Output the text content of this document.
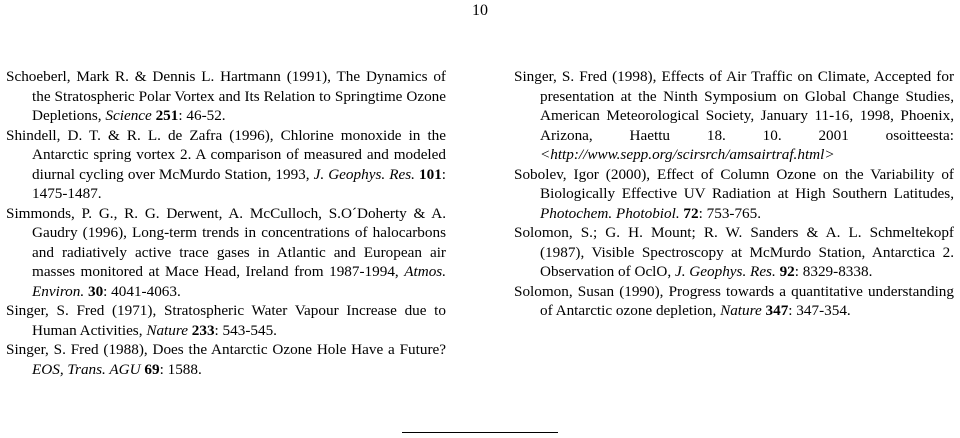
10

Schoeberl, Mark R. & Dennis L. Hartmann (1991), The Dynamics of the Stratospheric Polar Vortex and Its Relation to Springtime Ozone Depletions, Science 251: 46-52.

Shindell, D. T. & R. L. de Zafra (1996), Chlorine monoxide in the Antarctic spring vortex 2. A comparison of measured and modeled diurnal cycling over McMurdo Station, 1993, J. Geophys. Res. 101: 1475-1487.

Simmonds, P. G., R. G. Derwent, A. McCulloch, S.O´Doherty & A. Gaudry (1996), Long-term trends in concentrations of halocarbons and radiatively active trace gases in Atlantic and European air masses monitored at Mace Head, Ireland from 1987-1994, Atmos. Environ. 30: 4041-4063.

Singer, S. Fred (1971), Stratospheric Water Vapour Increase due to Human Activities, Nature 233: 543-545.

Singer, S. Fred (1988), Does the Antarctic Ozone Hole Have a Future? EOS, Trans. AGU 69: 1588.

Singer, S. Fred (1998), Effects of Air Traffic on Climate, Accepted for presentation at the Ninth Symposium on Global Change Studies, American Meteorological Society, January 11-16, 1998, Phoenix, Arizona, Haettu 18. 10. 2001 osoitteesta: <http://www.sepp.org/scirsrch/amsairtraf.html>

Sobolev, Igor (2000), Effect of Column Ozone on the Variability of Biologically Effective UV Radiation at High Southern Latitudes, Photochem. Photobiol. 72: 753-765.

Solomon, S.; G. H. Mount; R. W. Sanders & A. L. Schmeltekopf (1987), Visible Spectroscopy at McMurdo Station, Antarctica 2. Observation of OclO, J. Geophys. Res. 92: 8329-8338.

Solomon, Susan (1990), Progress towards a quantitative understanding of Antarctic ozone depletion, Nature 347: 347-354.
